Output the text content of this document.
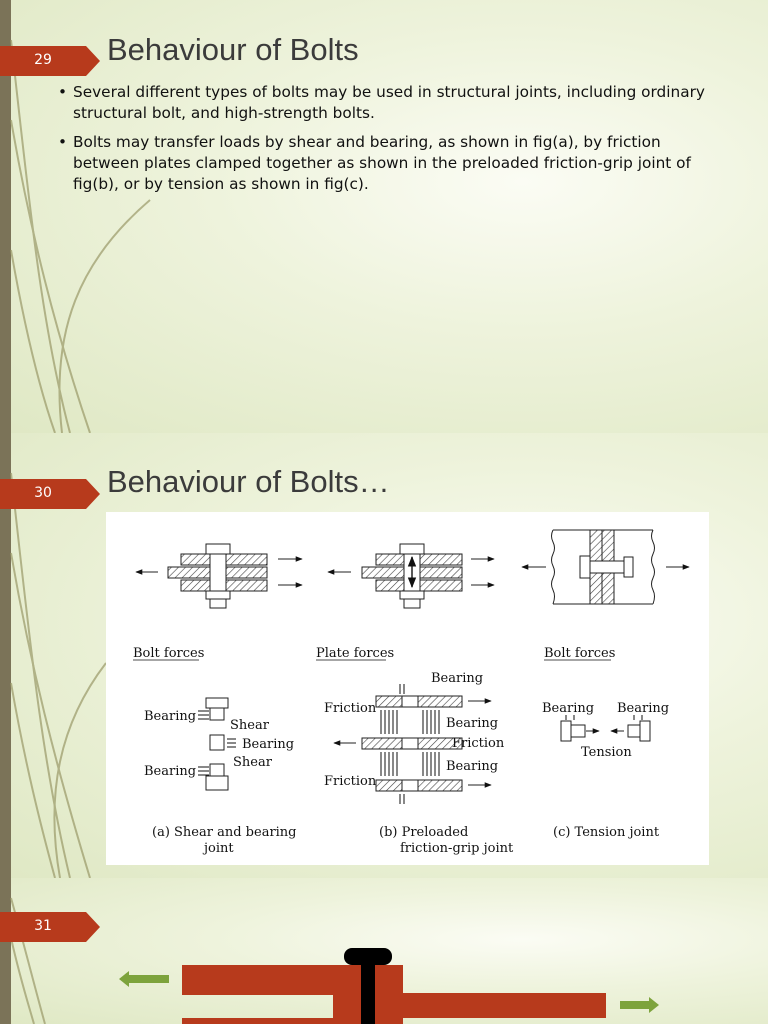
29	Behaviour of Bolts
• Several different types of bolts may be used in structural joints, including ordinary structural bolt, and high-strength bolts.
• Bolts may transfer loads by shear and bearing, as shown in fig(a), by friction between plates clamped together as shown in the preloaded friction-grip joint of fig(b), or by tension as shown in fig(c).
30	Behaviour of Bolts…
Bolt forces	Plate forces	Bolt forces
Bearing
Shear
Bearing
Shear
Bearing
Bearing
Friction
Bearing
Friction
Bearing
Friction
Bearing Bearing
Tension
(a) Shear and bearing
joint
(b) Preloaded
friction-grip joint
(c) Tension joint
31
